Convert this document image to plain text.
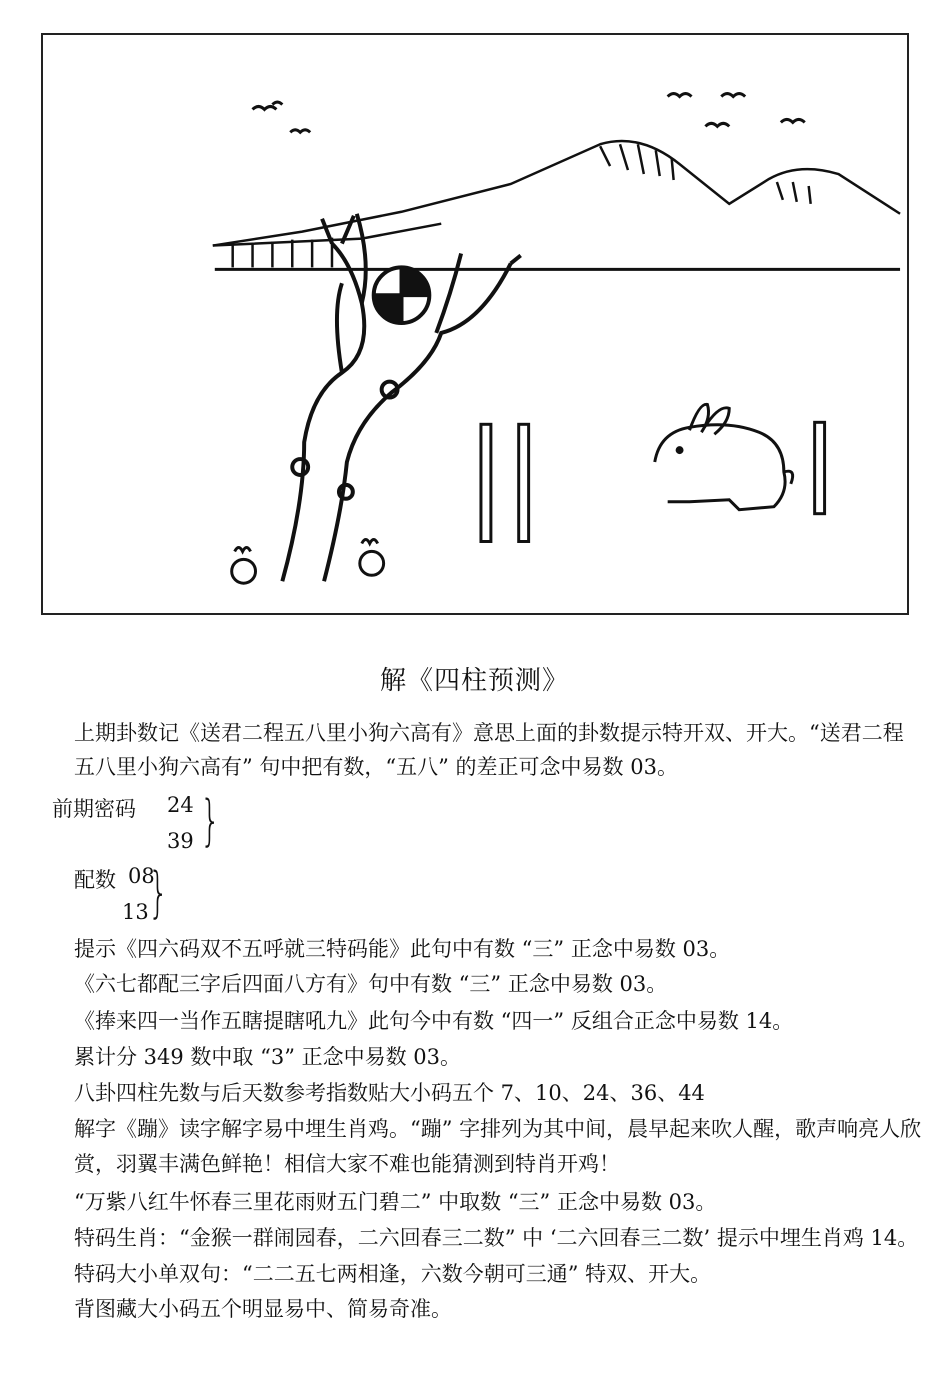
解《四柱预测》
上期卦数记《送君二程五八里小狗六高有》意思上面的卦数提示特开双、开大。“送君二程五八里小狗六高有” 句中把有数，“五八” 的差正可念中易数 03。
前期密码 24
39 }
配数 08
13 }
提示《四六码双不五呼就三特码能》此句中有数 “三” 正念中易数 03。
《六七都配三字后四面八方有》句中有数 “三” 正念中易数 03。
《捧来四一当作五瞎提瞎吼九》此句今中有数 “四一” 反组合正念中易数 14。
累计分 349 数中取 “3” 正念中易数 03。
八卦四柱先数与后天数参考指数贴大小码五个 7、10、24、36、44
解字《蹦》读字解字易中埋生肖鸡。“蹦” 字排列为其中间，晨早起来吹人醒，歌声响亮人欣
赏，羽翼丰满色鲜艳！相信大家不难也能猜测到特肖开鸡！
“万紫八红牛怀春三里花雨财五门碧二” 中取数 “三” 正念中易数 03。
特码生肖：“金猴一群闹园春，二六回春三二数” 中 ‘二六回春三二数’ 提示中埋生肖鸡 14。
特码大小单双句：“二二五七两相逢，六数今朝可三通” 特双、开大。
背图藏大小码五个明显易中、简易奇准。
